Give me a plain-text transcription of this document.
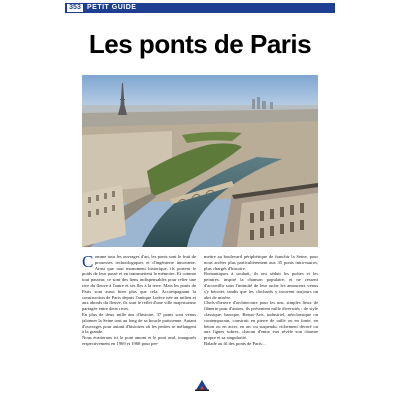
353 PETIT GUIDE
Les ponts de Paris

Comme tous les ouvrages d'art, les ponts sont le fruit de prouesses technologiques et d'ingénierie innovante. Ainsi que tout monument historique, ils portent le poids de leur passé et en transmettent la mémoire. Et comme tout passeur, ce sont des liens indispensables pour relier une rive du fleuve à l'autre et ses îles à la terre. Mais les ponts de Paris sont aussi bien plus que cela. Accompagnant la construction de Paris depuis l'antique Lutèce née au milieu et aux abords du fleuve, ils sont le reflet d'une ville majestueuse partagée entre deux rives.

En plus de deux mille ans d'histoire, 37 ponts sont venus jalonner la Seine tout au long de sa boucle parisienne. Autant d'ouvrages pour autant d'histoires où les petites se mêlangent à la grande.

Nous écarterons ici le pont amont et le pont aval, inaugurés respectivement en 1969 et 1968 pour per-

mettre au boulevard périphérique de franchir la Seine, pour nous arrêter plus particulièrement aux 35 ponts intra-muros, plus chargés d'histoire.

Romantiques à souhait, ils ont séduit les poètes et les peintres, inspiré la chanson populaire, et ne cessent d'accueillir sous l'intimité de leur arche les amoureux venus s'y bécoter, tandis que les clochards y trouvent toujours un abri de misère.

Chefs-d'œuvre d'architecture pour les uns, simples lieux de flânerie pour d'autres, ils présentent mille diversités : de style classique, baroque, Beaux-Arts, industriel, néoclassique ou contemporain, construit en pierre de taille ou en fonte, en béton ou en acier, en arc ou suspendu, richement décoré ou aux lignes sobres, chacun d'entre eux révèle son charme propre et sa singularité.

Balade au fil des ponts de Paris…
